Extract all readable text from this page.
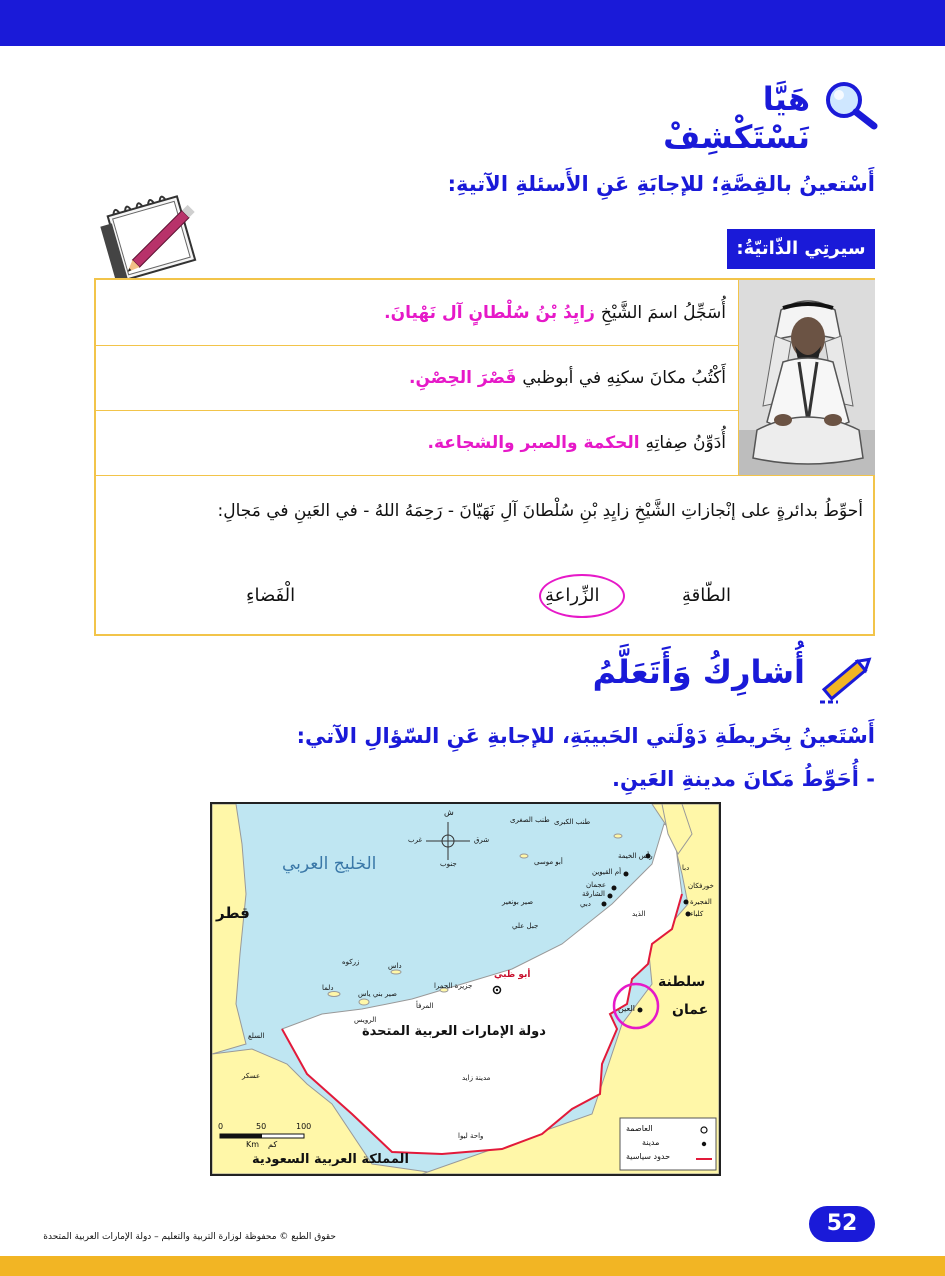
هَيَّا نَسْتَكْشِفْ
أَسْتعينُ بالقِصَّةِ؛ للإجابَةِ عَنِ الأَسئلةِ الآتيةِ:
سيرتِي الذّاتيّةُ:
أُسَجِّلُ اسمَ الشَّيْخِ
زايِدُ بْنُ سُلْطانٍ آل نَهْيانَ.
أَكْتُبُ مكانَ سكنِهِ في أبوظبي
قَصْرَ الحِصْنِ.
أُدَوِّنُ صِفاتِهِ
الحكمة والصبر والشجاعة.
أحوِّطُ بدائرةٍ على إنْجازاتِ الشَّيْخِ زايِدِ بْنِ سُلْطانَ آلِ نَهَيّانَ - رَحِمَهُ اللهُ - في العَينِ في مَجالِ:
الطّاقةِ
الزِّراعةِ
الْفَضاءِ
أُشارِكُ وَأَتَعَلَّمُ
أَسْتَعينُ بِخَريطَةِ دَوْلَتي الحَبيبَةِ، للإجابةِ عَنِ السّؤالِ الآتي:
- أُحَوِّطُ مَكانَ مدينةِ العَينِ.
الخليج العربي
قطر
سلطنة
عمان
دولة الإمارات العربية المتحدة
المملكة العربية السعودية
أبو ظبي
العين
دبي
الشارقة
عجمان
أم القيوين
رأس الخيمة
الفجيرة
كلباء
خورفكان
دبا
الذيد
جبل علي
الرويس
المرفأ
واحة ليوا
مدينة زايد
السلع
صير بني ياس
دلما
داس
زركوه
أبو موسى
طنب الكبرى
طنب الصغرى
صير بونعير
جزيرة الحمرا
عسكر
ش
شرق
غرب
جنوب
0	50	100
كم
Km
العاصمة
مدينة
حدود سياسية
52
حقوق الطبع © محفوظة لوزارة التربية والتعليم – دولة الإمارات العربية المتحدة
